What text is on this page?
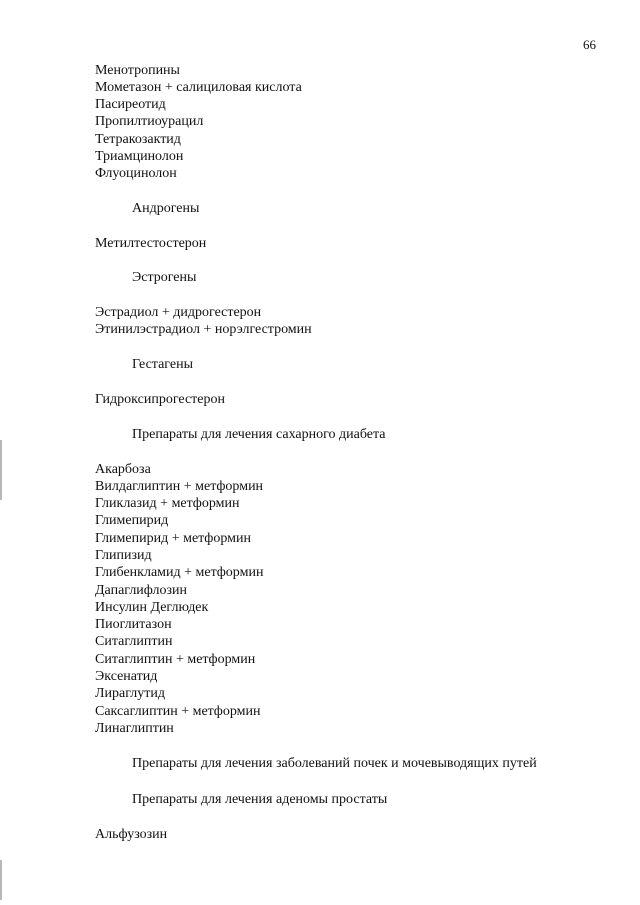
66
Менотропины
Мометазон + салициловая кислота
Пасиреотид
Пропилтиоурацил
Тетракозактид
Триамцинолон
Флуоцинолон
Андрогены
Метилтестостерон
Эстрогены
Эстрадиол + дидрогестерон
Этинилэстрадиол + норэлгестромин
Гестагены
Гидроксипрогестерон
Препараты для лечения сахарного диабета
Акарбоза
Вилдаглиптин + метформин
Гликлазид + метформин
Глимепирид
Глимепирид + метформин
Глипизид
Глибенкламид + метформин
Дапаглифлозин
Инсулин Деглюдек
Пиоглитазон
Ситаглиптин
Ситаглиптин + метформин
Эксенатид
Лираглутид
Саксаглиптин + метформин
Линаглиптин
Препараты для лечения заболеваний почек и мочевыводящих путей
Препараты для лечения аденомы простаты
Альфузозин
